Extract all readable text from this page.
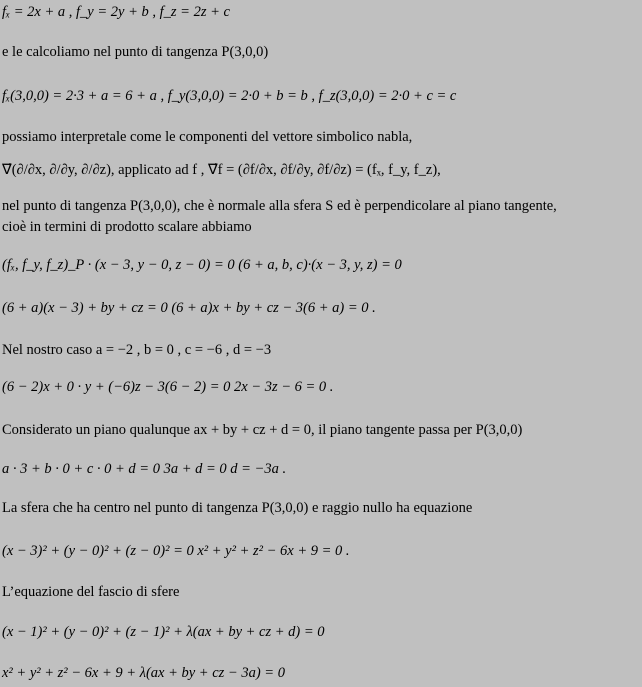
fₓ = 2x + a , f_y = 2y + b , f_z = 2z + c
e le calcoliamo nel punto di tangenza P(3,0,0)
fₓ(3,0,0) = 2·3 + a = 6 + a , f_y(3,0,0) = 2·0 + b = b , f_z(3,0,0) = 2·0 + c = c
possiamo interpretale come le componenti del vettore simbolico nabla,
∇⃗(∂/∂x, ∂/∂y, ∂/∂z), applicato ad f , ∇⃗f = (∂f/∂x, ∂f/∂y, ∂f/∂z) = (fₓ, f_y, f_z),
nel punto di tangenza P(3,0,0), che è normale alla sfera S ed è perpendicolare al piano tangente,
cioè in termini di prodotto scalare abbiamo
(fₓ, f_y, f_z)_P · (x − 3, y − 0, z − 0) = 0 (6 + a, b, c)·(x − 3, y, z) = 0
(6 + a)(x − 3) + by + cz = 0 (6 + a)x + by + cz − 3(6 + a) = 0 .
Nel nostro caso a = −2 , b = 0 , c = −6 , d = −3
(6 − 2)x + 0 · y + (−6)z − 3(6 − 2) = 0 2x − 3z − 6 = 0 .
Considerato un piano qualunque ax + by + cz + d = 0, il piano tangente passa per P(3,0,0)
a · 3 + b · 0 + c · 0 + d = 0 3a + d = 0 d = −3a .
La sfera che ha centro nel punto di tangenza P(3,0,0) e raggio nullo ha equazione
(x − 3)² + (y − 0)² + (z − 0)² = 0 x² + y² + z² − 6x + 9 = 0 .
L’equazione del fascio di sfere
(x − 1)² + (y − 0)² + (z − 1)² + λ(ax + by + cz + d) = 0
x² + y² + z² − 6x + 9 + λ(ax + by + cz − 3a) = 0
